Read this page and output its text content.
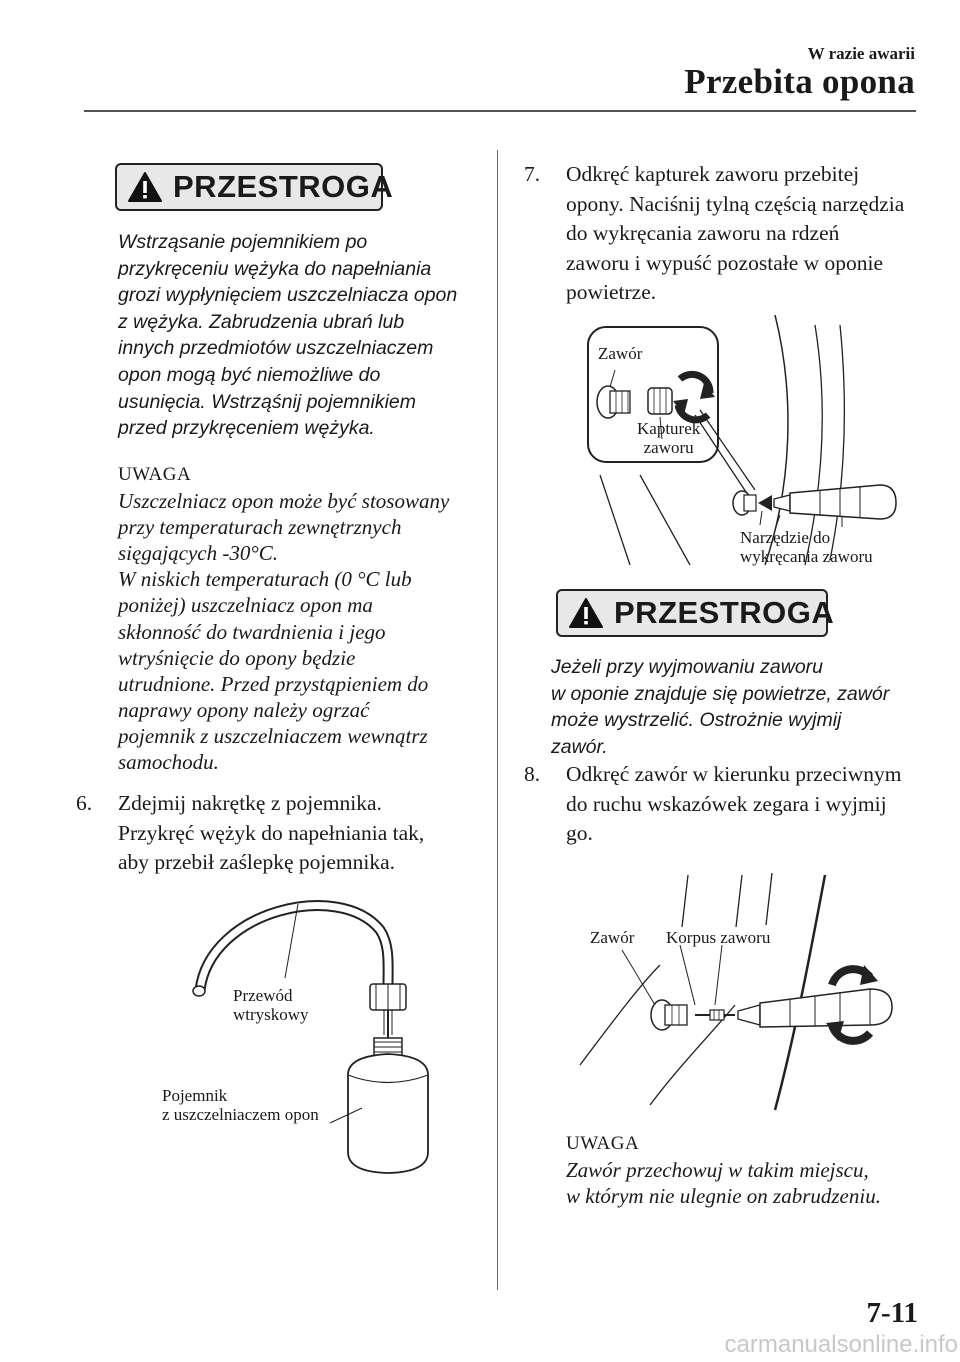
W razie awarii
Przebita opona
PRZESTROGA
Wstrząsanie pojemnikiem po
przykręceniu wężyka do napełniania
grozi wypłynięciem uszczelniacza opon
z wężyka. Zabrudzenia ubrań lub
innych przedmiotów uszczelniaczem
opon mogą być niemożliwe do
usunięcia. Wstrząśnij pojemnikiem
przed przykręceniem wężyka.
UWAGA
Uszczelniacz opon może być stosowany
przy temperaturach zewnętrznych
sięgających -30°C.
W niskich temperaturach (0 °C lub
poniżej) uszczelniacz opon ma
skłonność do twardnienia i jego
wtryśnięcie do opony będzie
utrudnione. Przed przystąpieniem do
naprawy opony należy ogrzać
pojemnik z uszczelniaczem wewnątrz
samochodu.
6. Zdejmij nakrętkę z pojemnika.
Przykręć wężyk do napełniania tak,
aby przebił zaślepkę pojemnika.
Przewód
wtryskowy
Pojemnik
z uszczelniaczem opon
7. Odkręć kapturek zaworu przebitej
opony. Naciśnij tylną częścią narzędzia
do wykręcania zaworu na rdzeń
zaworu i wypuść pozostałe w oponie
powietrze.
Zawór
Kapturek
zaworu
Narzędzie do
wykręcania zaworu
PRZESTROGA
Jeżeli przy wyjmowaniu zaworu
w oponie znajduje się powietrze, zawór
może wystrzelić. Ostrożnie wyjmij
zawór.
8. Odkręć zawór w kierunku przeciwnym
do ruchu wskazówek zegara i wyjmij
go.
Zawór Korpus zaworu
UWAGA
Zawór przechowuj w takim miejscu,
w którym nie ulegnie on zabrudzeniu.
7-11
carmanualsonline.info
